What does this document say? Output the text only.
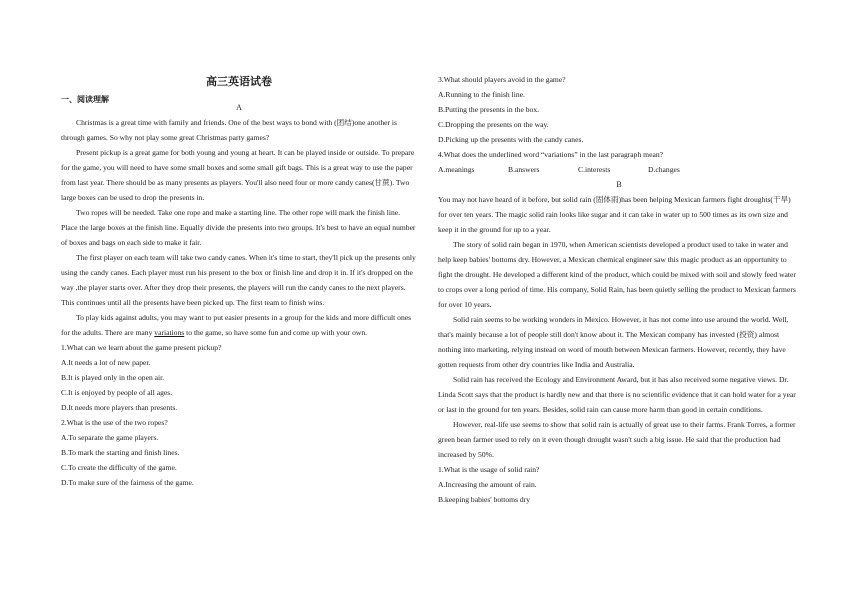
高三英语试卷
一、阅读理解

A

Christmas is a great time with family and friends. One of the best ways to bond with (团结)one another is through games. So why not play some great Christmas party games?

Present pickup is a great game for both young and young at heart. It can be played inside or outside. To prepare for the game, you will need to have some small boxes and some small gift bags. This is a great way to use the paper from last year. There should be as many presents as players. You'll also need four or more candy canes(甘蔗). Two large boxes can be used to drop the presents in.

Two ropes will be needed. Take one rope and make a starting line. The other rope will mark the finish line. Place the large boxes at the finish line. Equally divide the presents into two groups. It's best to have an equal number of boxes and bags on each side to make it fair.

The first player on each team will take two candy canes. When it's time to start, they'll pick up the presents only using the candy canes. Each player must run his present to the box or finish line and drop it in. If it's dropped on the way ,the player starts over. After they drop their presents, the players will run the candy canes to the next players. This continues until all the presents have been picked up. The first team to finish wins.

To play kids against adults, you may want to put easier presents in a group for the kids and more difficult ones for the adults. There are many variations to the game, so have some fun and come up with your own.

1.What can we learn about the game present pickup?

A.It needs a lot of new paper.

B.It is played only in the open air.

C.It is enjoyed by people of all ages.

D.It needs more players than presents.

2.What is the use of the two ropes?

A.To separate the game players.

B.To mark the starting and finish lines.

C.To create the difficulty of the game.

D.To make sure of the fairness of the game.

3.What should players avoid in the game?

A.Running to the finish line.

B.Putting the presents in the box.

C.Dropping the presents on the way.

D.Picking up the presents with the candy canes.

4.What does the underlined word “variations” in the last paragraph mean?

A.meanings	B.answers	C.interests	D.changes

B

You may not have heard of it before, but solid rain (固体雨)has been helping Mexican farmers fight droughts(干旱) for over ten years. The magic solid rain looks like sugar and it can take in water up to 500 times as its own size and keep it in the ground for up to a year.

The story of solid rain began in 1970, when American scientists developed a product used to take in water and help keep babies' bottoms dry. However, a Mexican chemical engineer saw this magic product as an opportunity to fight the drought. He developed a different kind of the product, which could be mixed with soil and slowly feed water to crops over a long period of time. His company, Solid Rain, has been quietly selling the product to Mexican farmers for over 10 years.

Solid rain seems to be working wonders in Mexico. However, it has not come into use around the world. Well, that's mainly because a lot of people still don't know about it. The Mexican company has invested (投资) almost nothing into marketing, relying instead on word of mouth between Mexican farmers. However, recently, they have gotten requests from other dry countries like India and Australia.

Solid rain has received the Ecology and Environment Award, but it has also received some negative views. Dr. Linda Scott says that the product is hardly new and that there is no scientific evidence that it can hold water for a year or last in the ground for ten years. Besides, solid rain can cause more harm than good in certain conditions.

However, real-life use seems to show that solid rain is actually of great use to their farms. Frank Torres, a former green bean farmer used to rely on it even though drought wasn't such a big issue. He said that the production had increased by 50%.

1.What is the usage of solid rain?

A.Increasing the amount of rain.

B.keeping babies' bottoms dry
